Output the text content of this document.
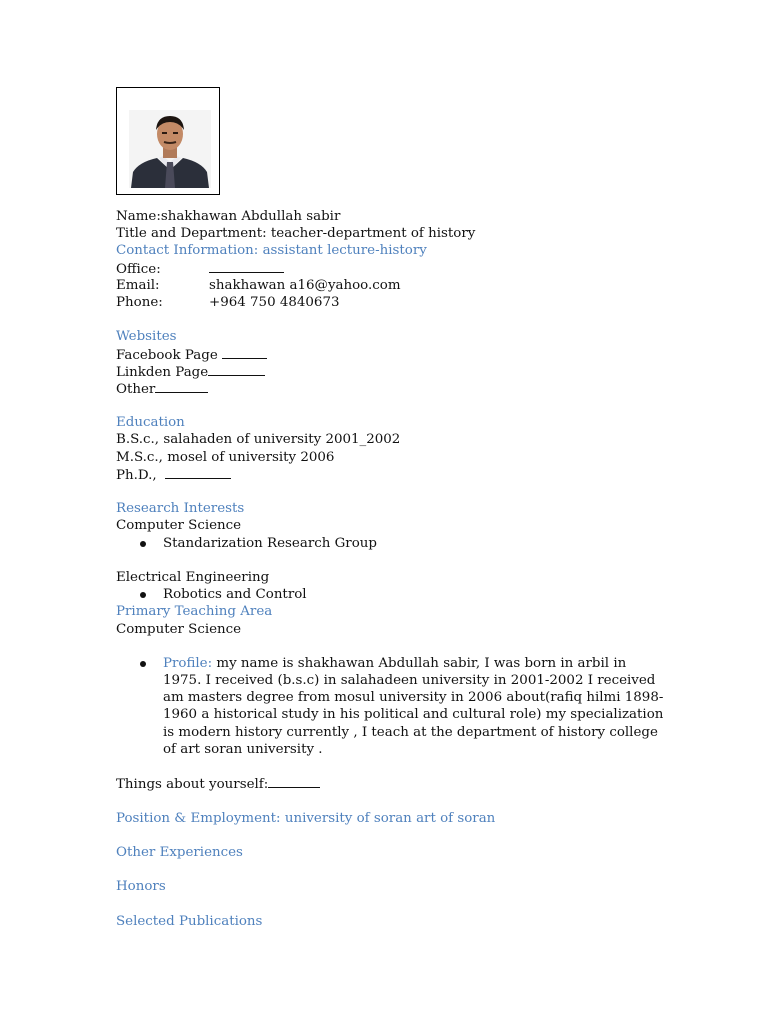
Name:shakhawan Abdullah sabir
Title and Department: teacher-department of history
Contact Information: assistant lecture-history
Office:
Email:	shakhawan a16@yahoo.com
Phone:	+964 750 4840673
Websites
Facebook Page
Linkden Page
Other
Education
B.S.c., salahaden of university 2001_2002
M.S.c., mosel of university 2006
Ph.D.,
Research Interests
Computer Science
Standarization Research Group
Electrical Engineering
Robotics and Control
Primary Teaching Area
Computer Science

Profile: my name is shakhawan Abdullah sabir, I was born in arbil in

1975. I received (b.s.c) in salahadeen university in 2001-2002 I received

am masters degree from mosul university in 2006 about(rafiq hilmi 1898-

1960 a historical study in his political and cultural role) my specialization

is modern history currently , I teach at the department of history college

of art soran university .

Things about yourself:
Position & Employment: university of soran art of soran
Other Experiences
Honors
Selected Publications
